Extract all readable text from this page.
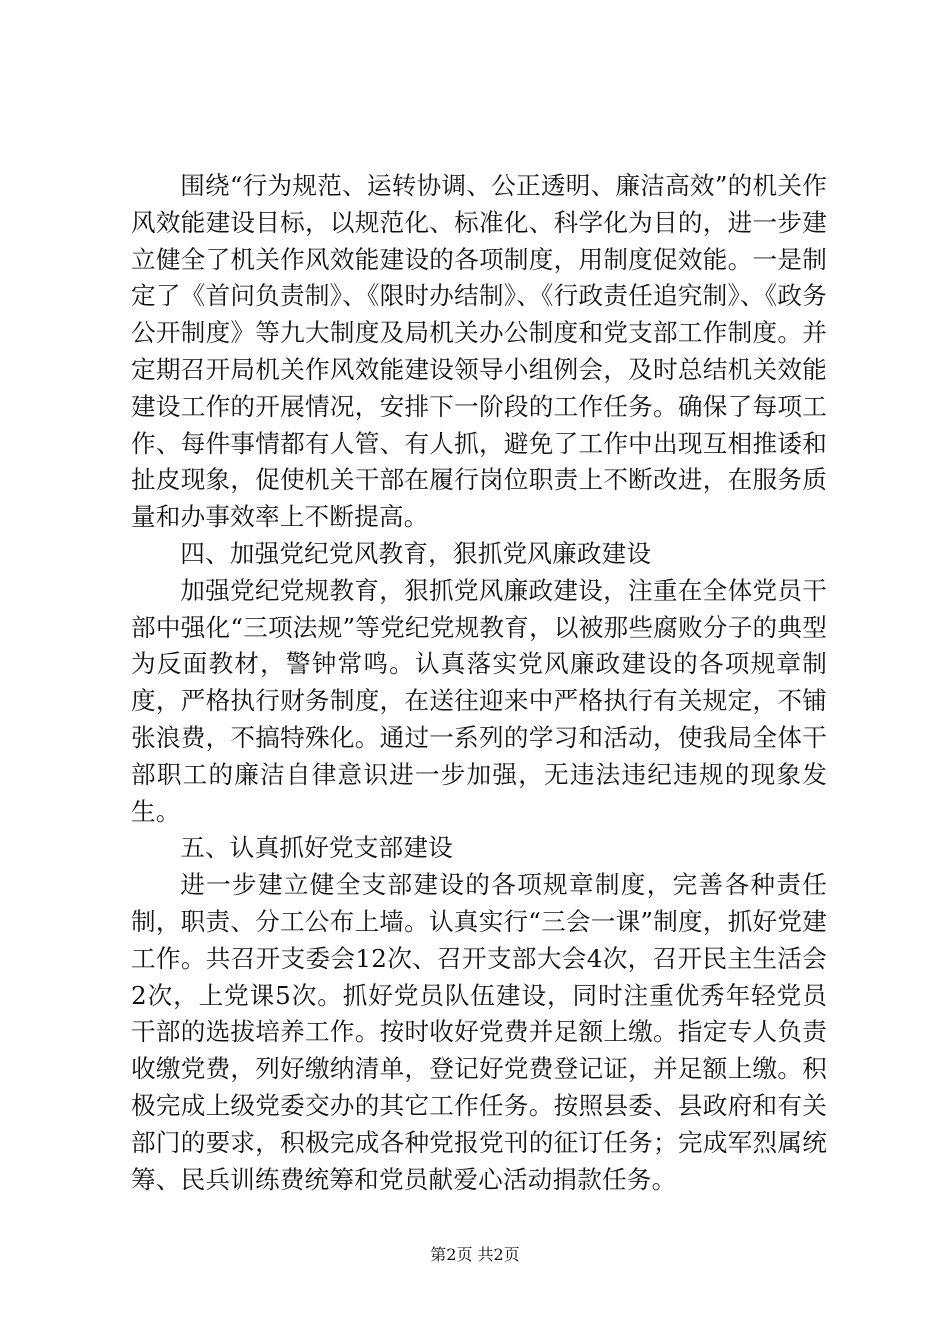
围绕“行为规范、运转协调、公正透明、廉洁高效”的机关作风效能建设目标，以规范化、标准化、科学化为目的，进一步建立健全了机关作风效能建设的各项制度，用制度促效能。一是制定了《首问负责制》、《限时办结制》、《行政责任追究制》、《政务公开制度》等九大制度及局机关办公制度和党支部工作制度。并定期召开局机关作风效能建设领导小组例会，及时总结机关效能建设工作的开展情况，安排下一阶段的工作任务。确保了每项工作、每件事情都有人管、有人抓，避免了工作中出现互相推诿和扯皮现象，促使机关干部在履行岗位职责上不断改进，在服务质量和办事效率上不断提高。

四、加强党纪党风教育，狠抓党风廉政建设

加强党纪党规教育，狠抓党风廉政建设，注重在全体党员干部中强化“三项法规”等党纪党规教育，以被那些腐败分子的典型为反面教材，警钟常鸣。认真落实党风廉政建设的各项规章制度，严格执行财务制度，在送往迎来中严格执行有关规定，不铺张浪费，不搞特殊化。通过一系列的学习和活动，使我局全体干部职工的廉洁自律意识进一步加强，无违法违纪违规的现象发生。

五、认真抓好党支部建设

进一步建立健全支部建设的各项规章制度，完善各种责任制，职责、分工公布上墙。认真实行“三会一课”制度，抓好党建工作。共召开支委会12次、召开支部大会4次，召开民主生活会2次，上党课5次。抓好党员队伍建设，同时注重优秀年轻党员干部的选拔培养工作。按时收好党费并足额上缴。指定专人负责收缴党费，列好缴纳清单，登记好党费登记证，并足额上缴。积极完成上级党委交办的其它工作任务。按照县委、县政府和有关部门的要求，积极完成各种党报党刊的征订任务；完成军烈属统筹、民兵训练费统筹和党员献爱心活动捐款任务。

第2页 共2页
